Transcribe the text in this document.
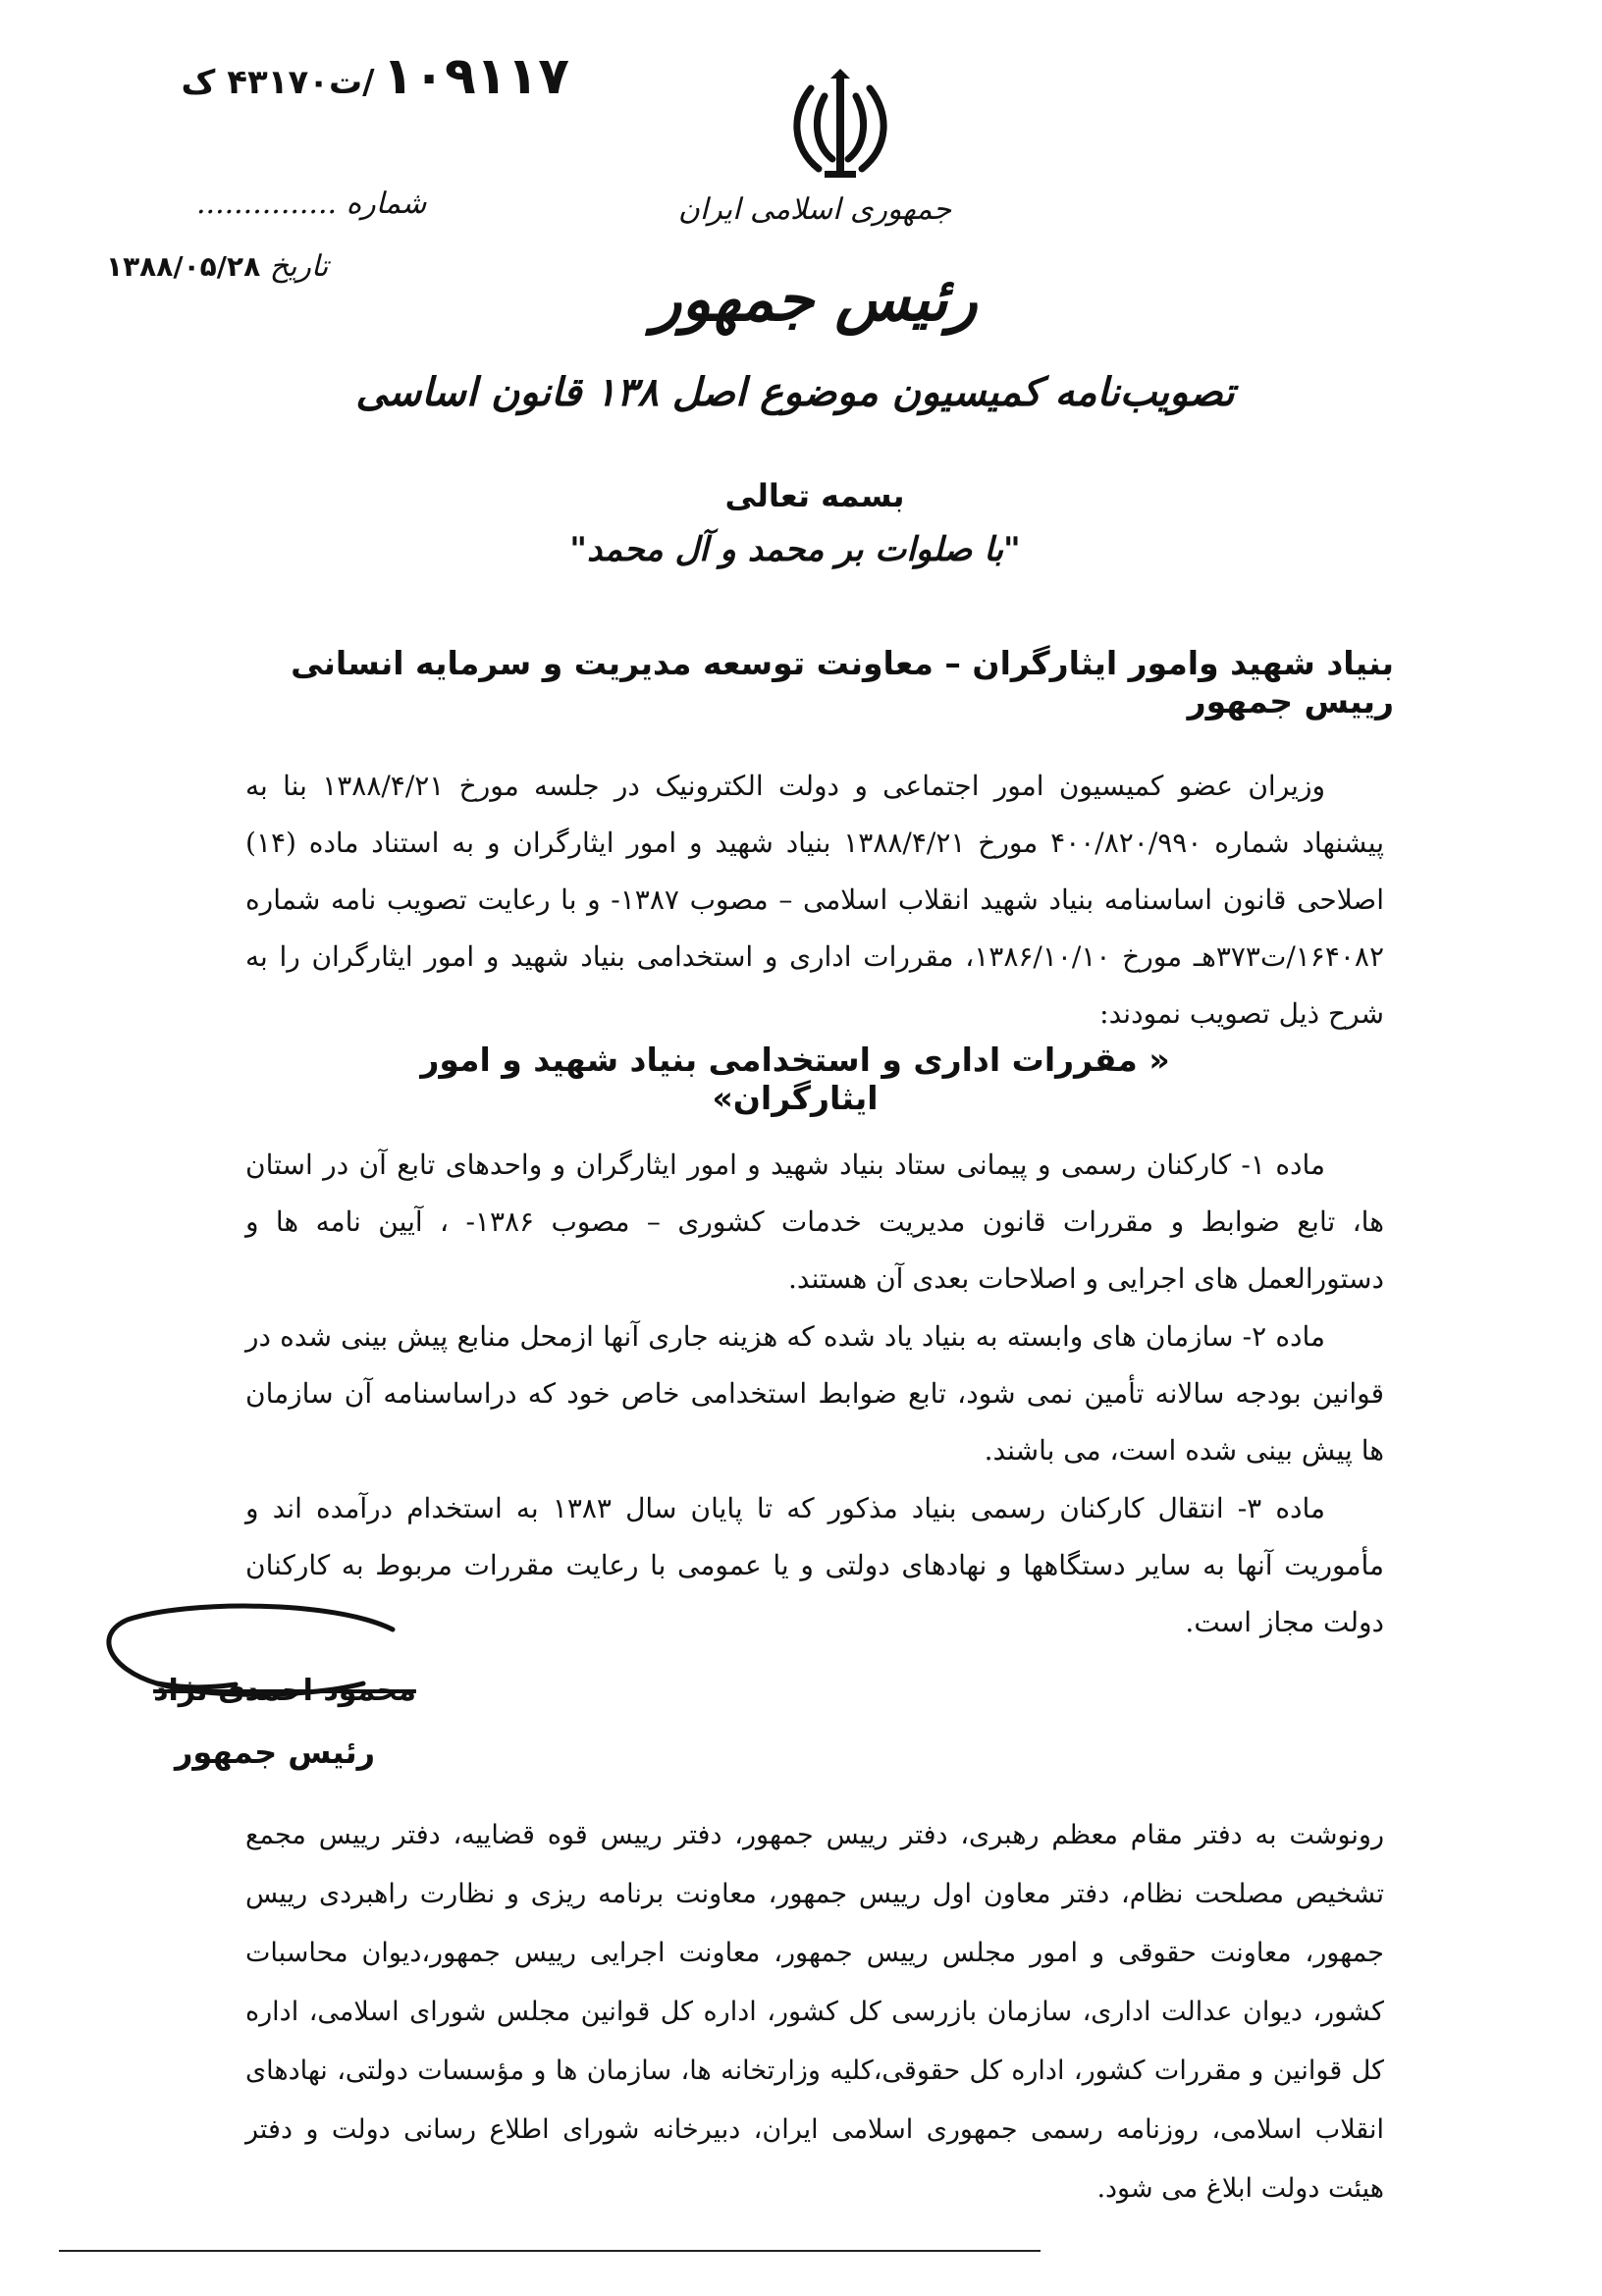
۱۰۹۱۱۷/ت۴۳۱۷۰ ک
شماره ...............
تاریخ ۱۳۸۸/۰۵/۲۸
جمهوری اسلامی ایران
رئیس جمهور
تصویب‌نامه کمیسیون موضوع اصل ۱۳۸ قانون اساسی
بسمه تعالی
"با صلوات بر محمد و آل محمد"
بنیاد شهید وامور ایثارگران – معاونت توسعه مدیریت و سرمایه انسانی رییس جمهور
وزیران عضو کمیسیون امور اجتماعی و دولت الکترونیک در جلسه مورخ ۱۳۸۸/۴/۲۱ بنا به پیشنهاد شماره ۴۰۰/۸۲۰/۹۹۰ مورخ ۱۳۸۸/۴/۲۱ بنیاد شهید و امور ایثارگران و به استناد ماده (۱۴) اصلاحی قانون اساسنامه بنیاد شهید انقلاب اسلامی – مصوب ۱۳۸۷- و با رعایت تصویب نامه شماره ۱۶۴۰۸۲/ت۳۷۳هـ مورخ ۱۳۸۶/۱۰/۱۰، مقررات اداری و استخدامی بنیاد شهید و امور ایثارگران را به شرح ذیل تصویب نمودند:
« مقررات اداری و استخدامی بنیاد شهید و امور ایثارگران»
ماده ۱- کارکنان رسمی و پیمانی ستاد بنیاد شهید و امور ایثارگران و واحدهای تابع آن در استان ها، تابع ضوابط و مقررات قانون مدیریت خدمات کشوری – مصوب ۱۳۸۶- ، آیین نامه ها و دستورالعمل های اجرایی و اصلاحات بعدی آن هستند.
ماده ۲- سازمان های وابسته به بنیاد یاد شده که هزینه جاری آنها ازمحل منابع پیش بینی شده در قوانین بودجه سالانه تأمین نمی شود، تابع ضوابط استخدامی خاص خود که دراساسنامه آن سازمان ها پیش بینی شده است، می باشند.
ماده ۳- انتقال کارکنان رسمی بنیاد مذکور که تا پایان سال ۱۳۸۳ به استخدام درآمده اند و مأموریت آنها به سایر دستگاهها و نهادهای دولتی و یا عمومی با رعایت مقررات مربوط به کارکنان دولت مجاز است.
محمود احمدی نژاد
رئیس جمهور
رونوشت به دفتر مقام معظم رهبری، دفتر رییس جمهور، دفتر رییس قوه قضاییه، دفتر رییس مجمع تشخیص مصلحت نظام، دفتر معاون اول رییس جمهور، معاونت برنامه ریزی و نظارت راهبردی رییس جمهور، معاونت حقوقی و امور مجلس رییس جمهور، معاونت اجرایی رییس جمهور،دیوان محاسبات کشور، دیوان عدالت اداری، سازمان بازرسی کل کشور، اداره کل قوانین مجلس شورای اسلامی، اداره کل قوانین و مقررات کشور، اداره کل حقوقی،کلیه وزارتخانه ها، سازمان ها و مؤسسات دولتی، نهادهای انقلاب اسلامی، روزنامه رسمی جمهوری اسلامی ایران، دبیرخانه شورای اطلاع رسانی دولت و دفتر هیئت دولت ابلاغ می شود.
